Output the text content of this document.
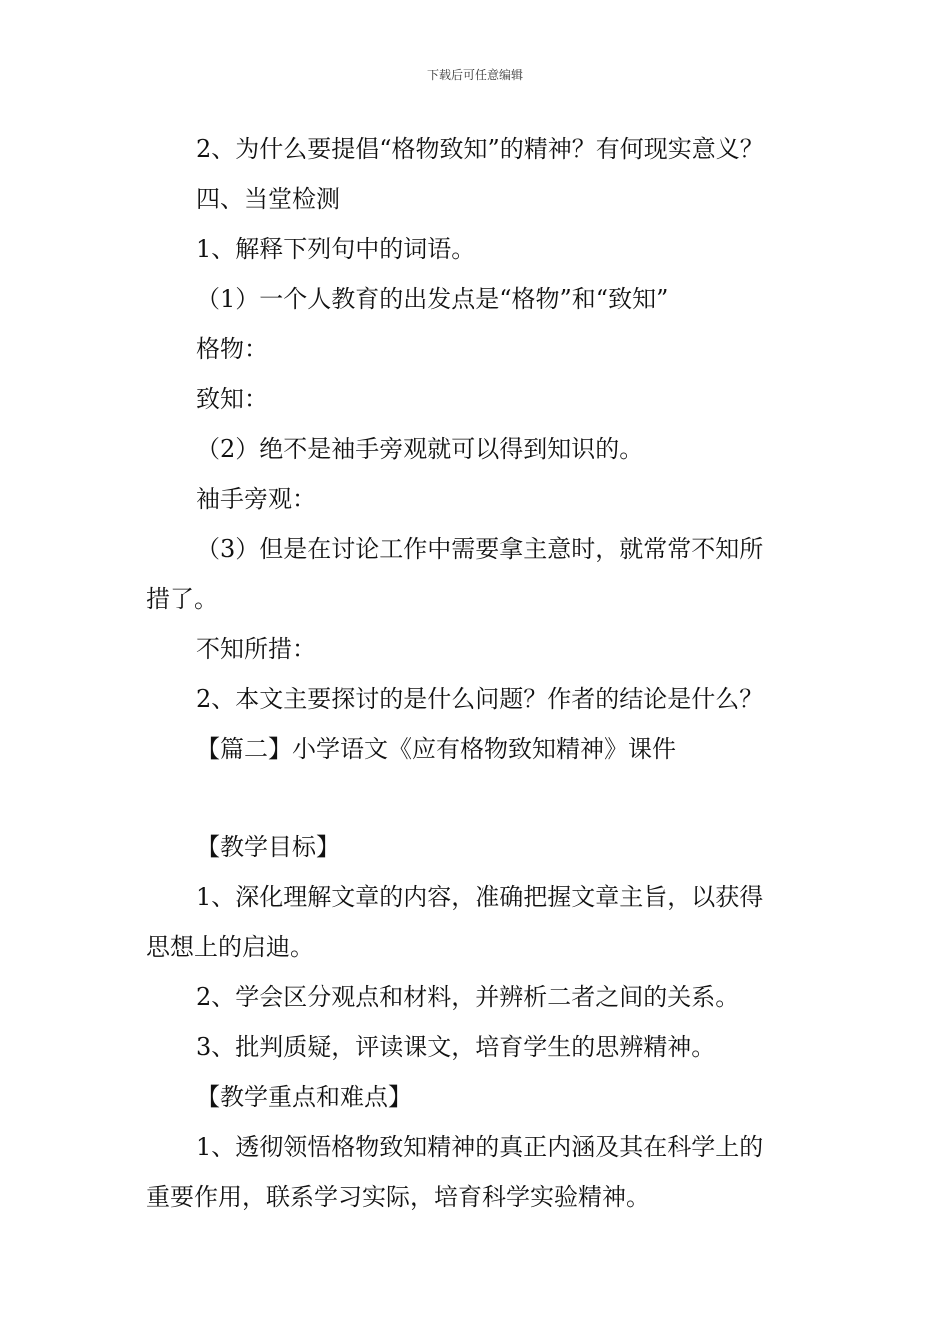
下载后可任意编辑
2、为什么要提倡“格物致知”的精神？有何现实意义？
四、当堂检测
1、解释下列句中的词语。
（1）一个人教育的出发点是“格物”和“致知”
格物：
致知：
（2）绝不是袖手旁观就可以得到知识的。
袖手旁观：
（3）但是在讨论工作中需要拿主意时，就常常不知所
措了。
不知所措：
2、本文主要探讨的是什么问题？作者的结论是什么？
【篇二】小学语文《应有格物致知精神》课件
【教学目标】
1、深化理解文章的内容，准确把握文章主旨，以获得
思想上的启迪。
2、学会区分观点和材料，并辨析二者之间的关系。
3、批判质疑，评读课文，培育学生的思辨精神。
【教学重点和难点】
1、透彻领悟格物致知精神的真正内涵及其在科学上的
重要作用，联系学习实际，培育科学实验精神。
